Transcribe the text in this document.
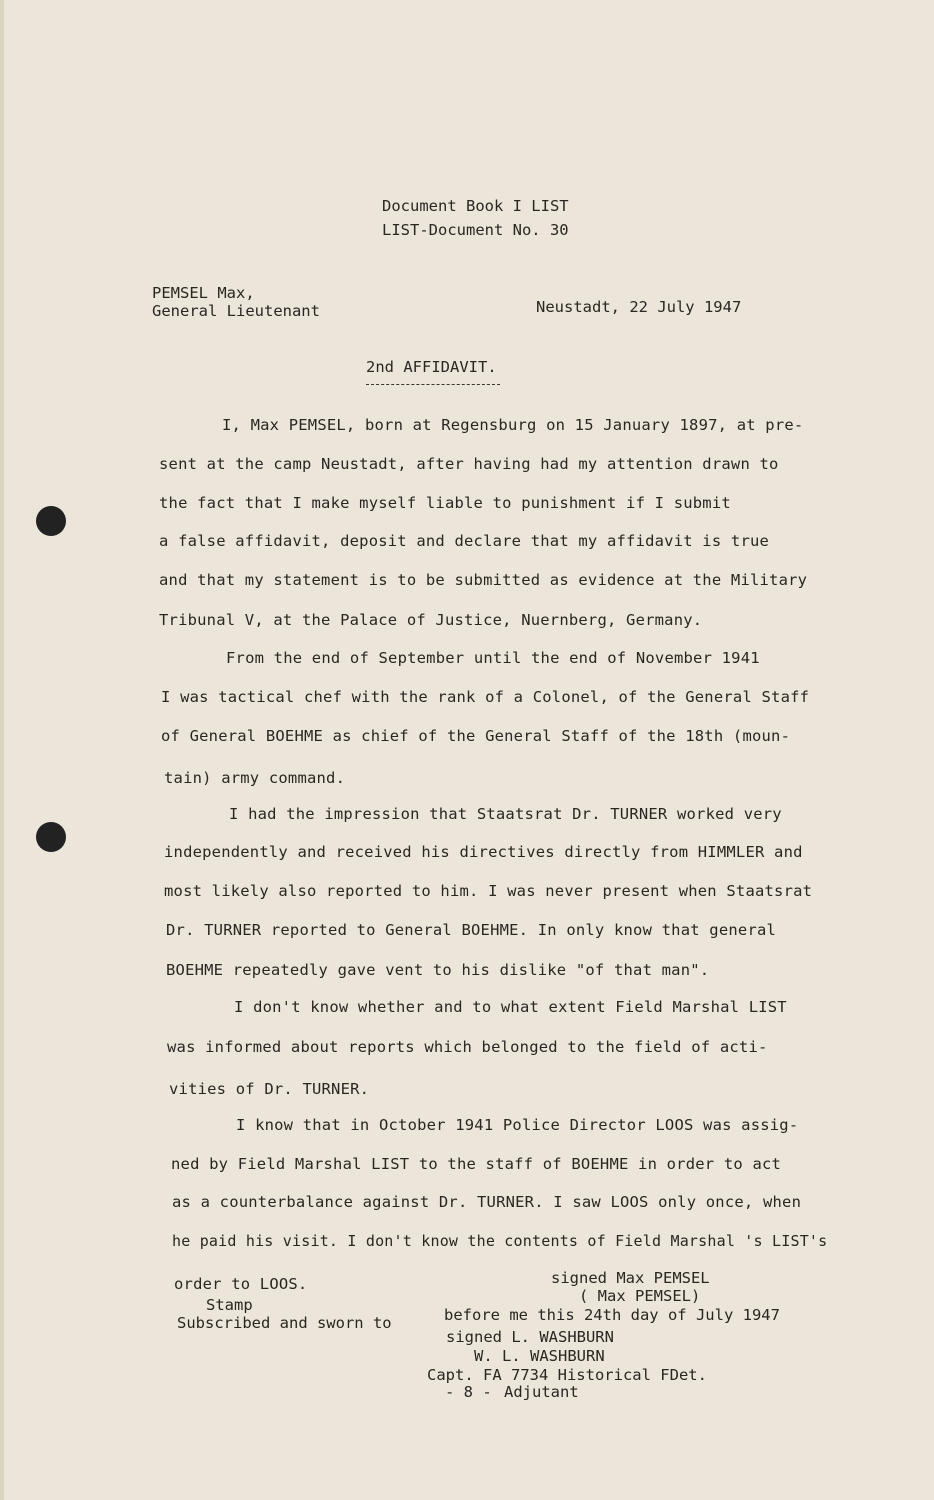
Document Book I LIST
LIST-Document No. 30
PEMSEL Max,
General Lieutenant	Neustadt, 22 July 1947
2nd AFFIDAVIT.
I, Max PEMSEL, born at Regensburg on 15 January 1897, at pre-
sent at the camp Neustadt, after having had my attention drawn to
the fact that I make myself liable to punishment if I submit
a false affidavit, deposit and declare that my affidavit is true
and that my statement is to be submitted as evidence at the Military
Tribunal V, at the Palace of Justice, Nuernberg, Germany.
From the end of September until the end of November 1941
I was tactical chef with the rank of a Colonel, of the General Staff
of General BOEHME as chief of the General Staff of the 18th (moun-
tain) army command.
I had the impression that Staatsrat Dr. TURNER worked very
independently and received his directives directly from HIMMLER and
most likely also reported to him. I was never present when Staatsrat
Dr. TURNER reported to General BOEHME. In only know that general
BOEHME repeatedly gave vent to his dislike "of that man".
I don't know whether and to what extent Field Marshal LIST
was informed about reports which belonged to the field of acti-
vities of Dr. TURNER.
I know that in October 1941 Police Director LOOS was assig-
ned by Field Marshal LIST to the staff of BOEHME in order to act
as a counterbalance against Dr. TURNER. I saw LOOS only once, when
he paid his visit. I don't know the contents of Field Marshal 's LIST's
order to LOOS.	signed Max PEMSEL
( Max PEMSEL)
Stamp
Subscribed and sworn to	before me this 24th day of July 1947
signed L. WASHBURN
W. L. WASHBURN
Capt. FA 7734 Historical FDet.
- 8 - Adjutant
